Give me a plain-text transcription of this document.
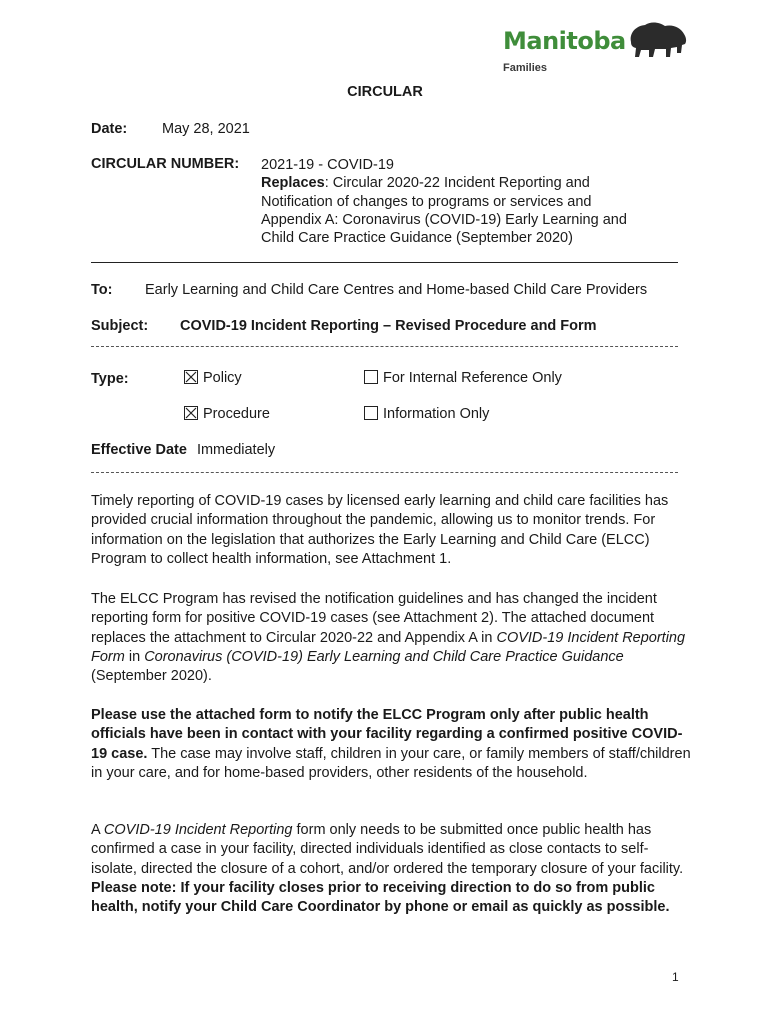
Manitoba
Families
CIRCULAR
Date: May 28, 2021
CIRCULAR NUMBER: 2021-19 - COVID-19
Replaces: Circular 2020-22 Incident Reporting and
Notification of changes to programs or services and
Appendix A: Coronavirus (COVID-19) Early Learning and
Child Care Practice Guidance (September 2020)
To: Early Learning and Child Care Centres and Home-based Child Care Providers
Subject: COVID-19 Incident Reporting – Revised Procedure and Form
Type:	Policy	For Internal Reference Only
Procedure	Information Only
Effective Date Immediately
Timely reporting of COVID-19 cases by licensed early learning and child care facilities has provided crucial information throughout the pandemic, allowing us to monitor trends. For information on the legislation that authorizes the Early Learning and Child Care (ELCC) Program to collect health information, see Attachment 1.
The ELCC Program has revised the notification guidelines and has changed the incident reporting form for positive COVID-19 cases (see Attachment 2). The attached document replaces the attachment to Circular 2020-22 and Appendix A in COVID-19 Incident Reporting Form in Coronavirus (COVID-19) Early Learning and Child Care Practice Guidance (September 2020).
Please use the attached form to notify the ELCC Program only after public health officials have been in contact with your facility regarding a confirmed positive COVID-19 case. The case may involve staff, children in your care, or family members of staff/children in your care, and for home-based providers, other residents of the household.
A COVID-19 Incident Reporting form only needs to be submitted once public health has confirmed a case in your facility, directed individuals identified as close contacts to self-isolate, directed the closure of a cohort, and/or ordered the temporary closure of your facility. Please note: If your facility closes prior to receiving direction to do so from public health, notify your Child Care Coordinator by phone or email as quickly as possible.
1
